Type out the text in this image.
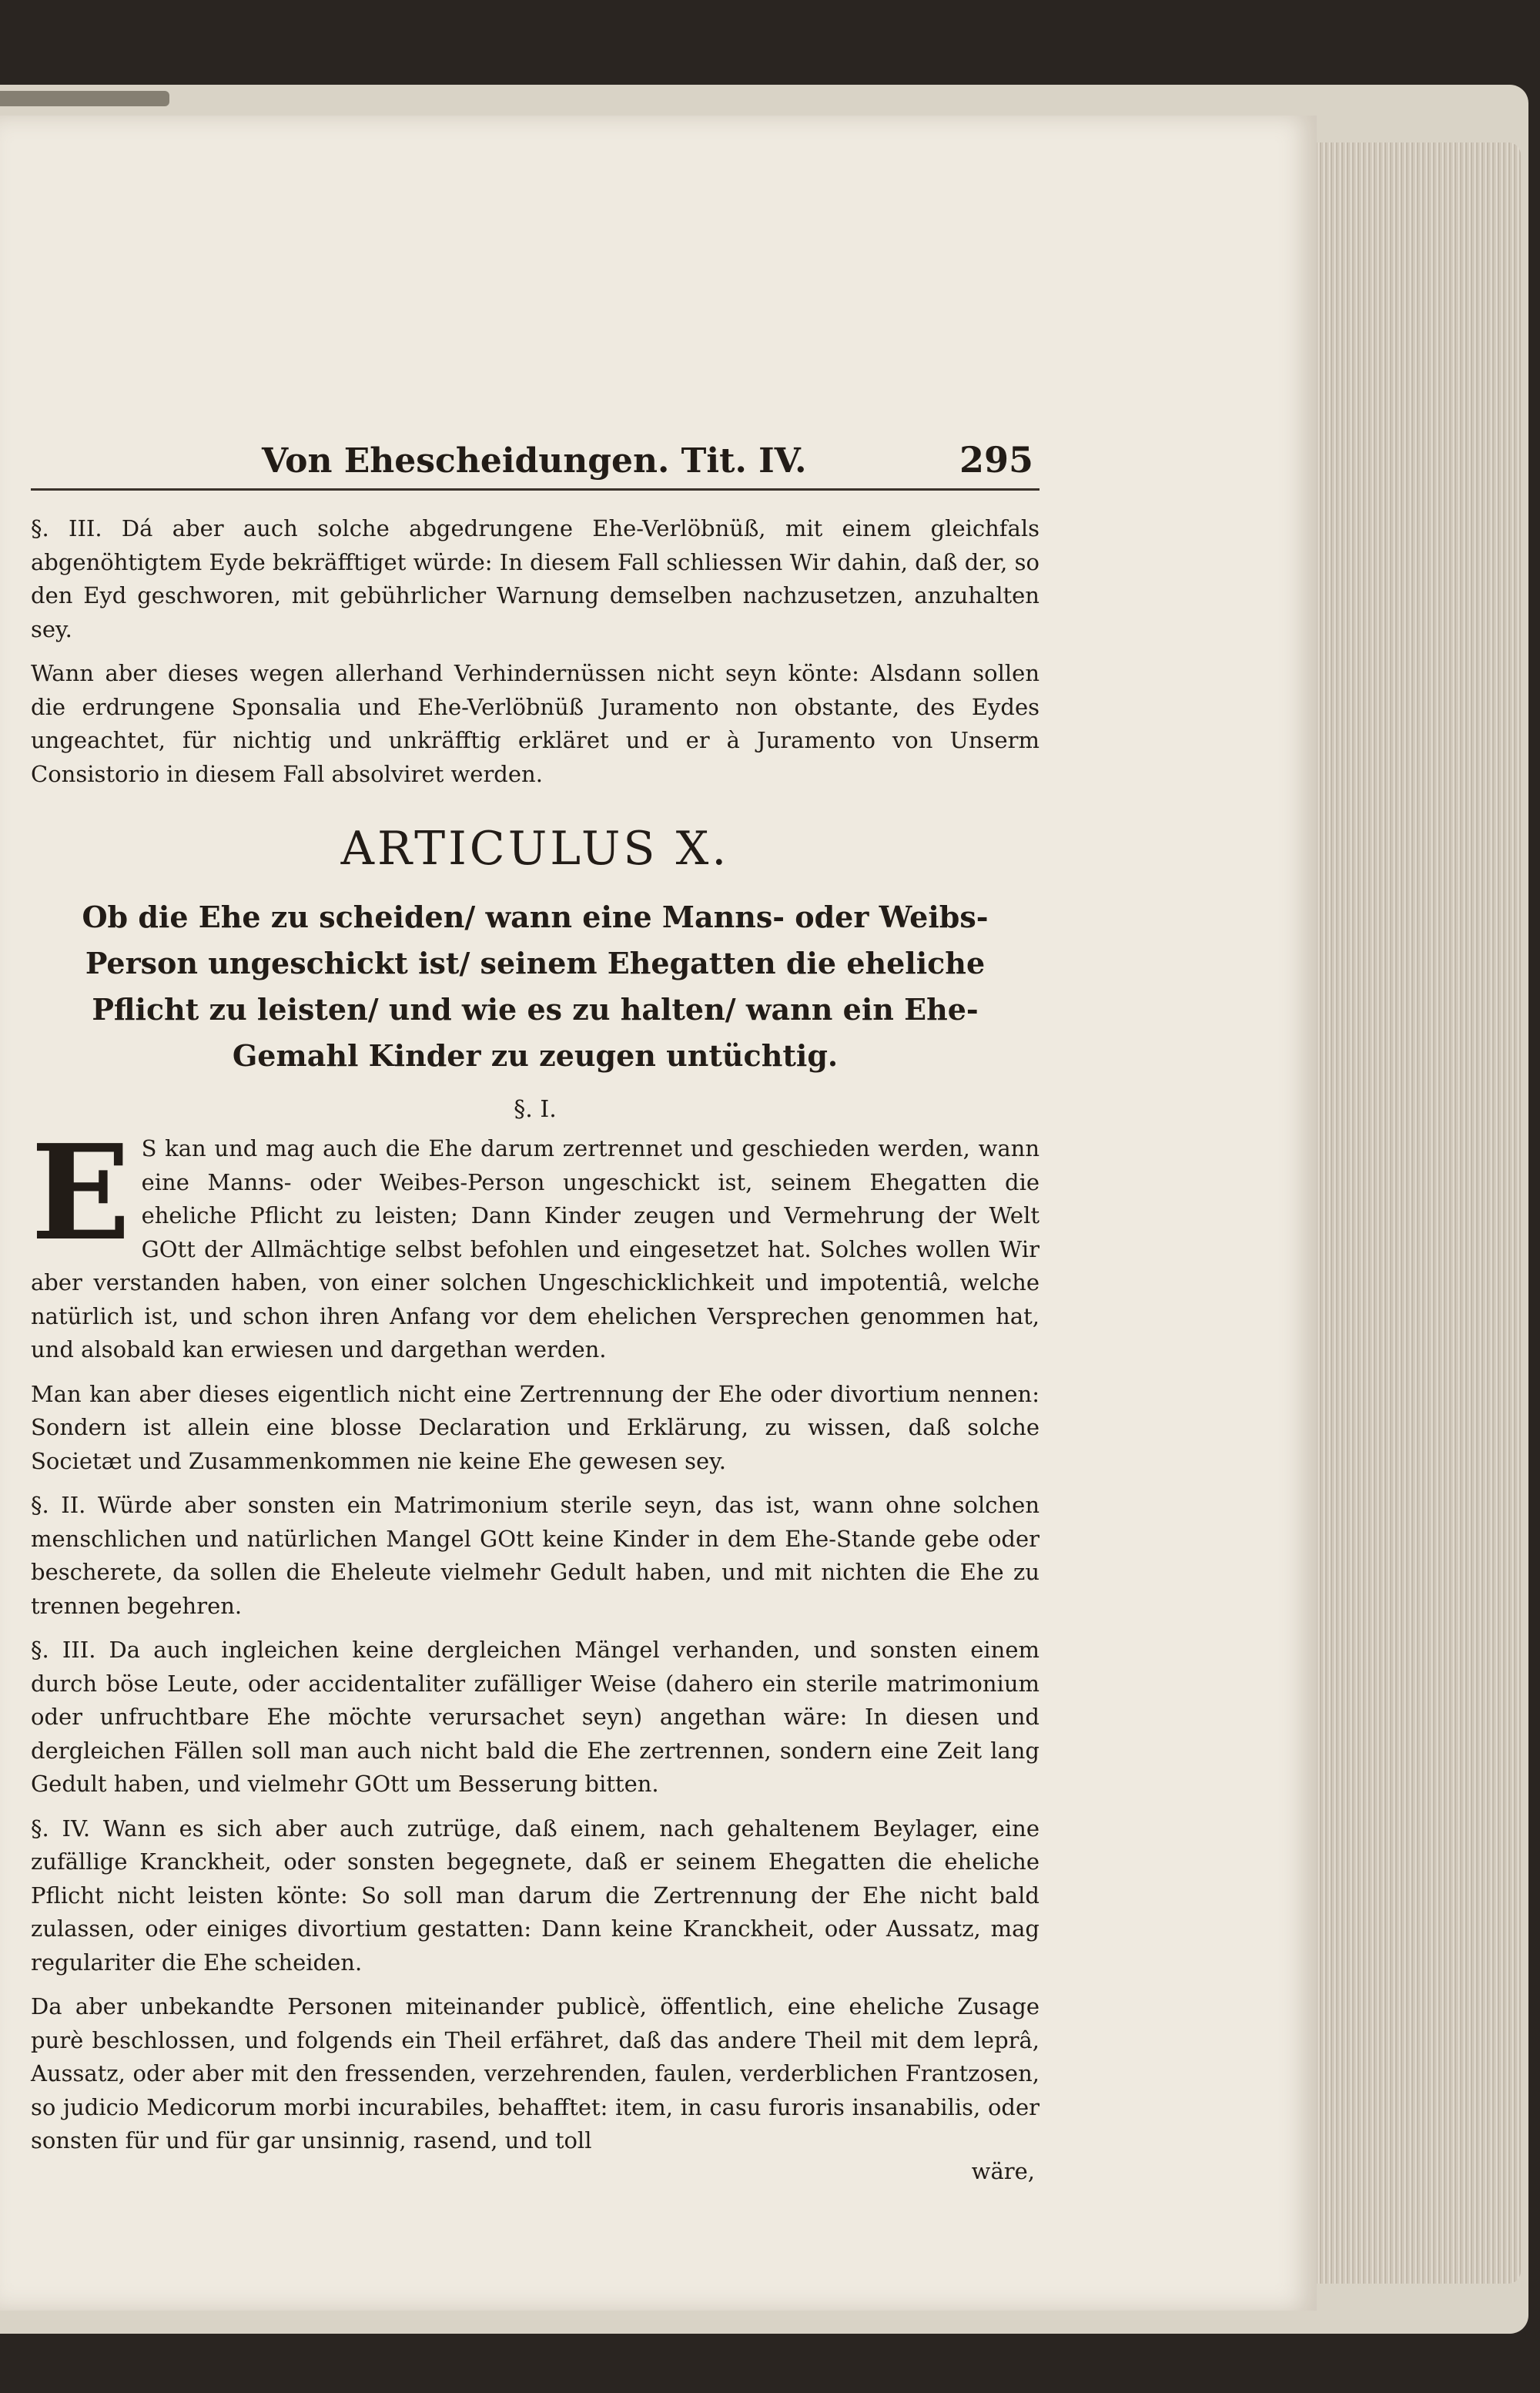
Von Ehescheidungen. Tit. IV.	295

§. III. Dá aber auch solche abgedrungene Ehe-Verlöbnüß, mit einem gleichfals abgenöhtigtem Eyde bekräfftiget würde: In diesem Fall schliessen Wir dahin, daß der, so den Eyd geschworen, mit gebührlicher Warnung demselben nachzusetzen, anzuhalten sey.

Wann aber dieses wegen allerhand Verhindernüssen nicht seyn könte: Alsdann sollen die erdrungene Sponsalia und Ehe-Verlöbnüß Juramento non obstante, des Eydes ungeachtet, für nichtig und unkräfftig erkläret und er à Juramento von Unserm Consistorio in diesem Fall absolviret werden.

ARTICULUS X.
Ob die Ehe zu scheiden/ wann eine Manns- oder Weibs-Person ungeschickt ist/ seinem Ehegatten die eheliche Pflicht zu leisten/ und wie es zu halten/ wann ein Ehe-Gemahl Kinder zu zeugen untüchtig.
§. I.

E S kan und mag auch die Ehe darum zertrennet und geschieden werden, wann eine Manns- oder Weibes-Person ungeschickt ist, seinem Ehegatten die eheliche Pflicht zu leisten; Dann Kinder zeugen und Vermehrung der Welt GOtt der Allmächtige selbst befohlen und eingesetzet hat. Solches wollen Wir aber verstanden haben, von einer solchen Ungeschicklichkeit und impotentiâ, welche natürlich ist, und schon ihren Anfang vor dem ehelichen Versprechen genommen hat, und alsobald kan erwiesen und dargethan werden.

Man kan aber dieses eigentlich nicht eine Zertrennung der Ehe oder divortium nennen: Sondern ist allein eine blosse Declaration und Erklärung, zu wissen, daß solche Societæt und Zusammenkommen nie keine Ehe gewesen sey.

§. II. Würde aber sonsten ein Matrimonium sterile seyn, das ist, wann ohne solchen menschlichen und natürlichen Mangel GOtt keine Kinder in dem Ehe-Stande gebe oder bescherete, da sollen die Eheleute vielmehr Gedult haben, und mit nichten die Ehe zu trennen begehren.

§. III. Da auch ingleichen keine dergleichen Mängel verhanden, und sonsten einem durch böse Leute, oder accidentaliter zufälliger Weise (dahero ein sterile matrimonium oder unfruchtbare Ehe möchte verursachet seyn) angethan wäre: In diesen und dergleichen Fällen soll man auch nicht bald die Ehe zertrennen, sondern eine Zeit lang Gedult haben, und vielmehr GOtt um Besserung bitten.

§. IV. Wann es sich aber auch zutrüge, daß einem, nach gehaltenem Beylager, eine zufällige Kranckheit, oder sonsten begegnete, daß er seinem Ehegatten die eheliche Pflicht nicht leisten könte: So soll man darum die Zertrennung der Ehe nicht bald zulassen, oder einiges divortium gestatten: Dann keine Kranckheit, oder Aussatz, mag regulariter die Ehe scheiden.

Da aber unbekandte Personen miteinander publicè, öffentlich, eine eheliche Zusage purè beschlossen, und folgends ein Theil erfähret, daß das andere Theil mit dem leprâ, Aussatz, oder aber mit den fressenden, verzehrenden, faulen, verderblichen Frantzosen, so judicio Medicorum morbi incurabiles, behafftet: item, in casu furoris insanabilis, oder sonsten für und für gar unsinnig, rasend, und toll

wäre,
